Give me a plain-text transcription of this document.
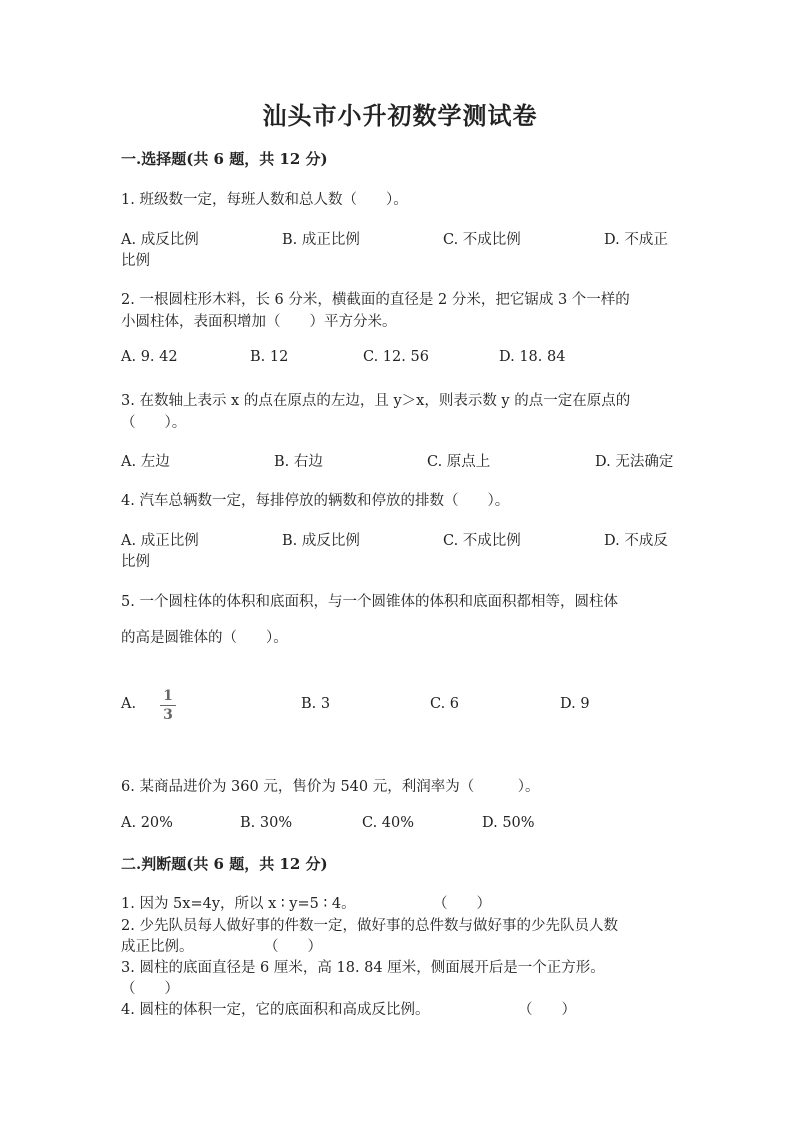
汕头市小升初数学测试卷
一.选择题(共 6 题，共 12 分)
1. 班级数一定，每班人数和总人数（　　）。
A. 成反比例	B. 成正比例	C. 不成比例	D. 不成正
比例
2. 一根圆柱形木料，长 6 分米，横截面的直径是 2 分米，把它锯成 3 个一样的
小圆柱体，表面积增加（　　）平方分米。
A. 9. 42	B. 12	C. 12. 56	D. 18. 84
3. 在数轴上表示 x 的点在原点的左边，且 y＞x，则表示数 y 的点一定在原点的
（　　）。
A. 左边	B. 右边	C. 原点上	D. 无法确定
4. 汽车总辆数一定，每排停放的辆数和停放的排数（　　）。
A. 成正比例	B. 成反比例	C. 不成比例	D. 不成反
比例
5. 一个圆柱体的体积和底面积，与一个圆锥体的体积和底面积都相等，圆柱体
的高是圆锥体的（　　）。
A. 1
3
B. 3	C. 6	D. 9
6. 某商品进价为 360 元，售价为 540 元，利润率为（　　　）。
A. 20%	B. 30%	C. 40%	D. 50%
二.判断题(共 6 题，共 12 分)
1. 因为 5x=4y，所以 x ∶ y=5 ∶ 4。	（　　）
2. 少先队员每人做好事的件数一定，做好事的总件数与做好事的少先队员人数
成正比例。	（　　）
3. 圆柱的底面直径是 6 厘米，高 18. 84 厘米，侧面展开后是一个正方形。
（　　）
4. 圆柱的体积一定，它的底面积和高成反比例。	（　　）
